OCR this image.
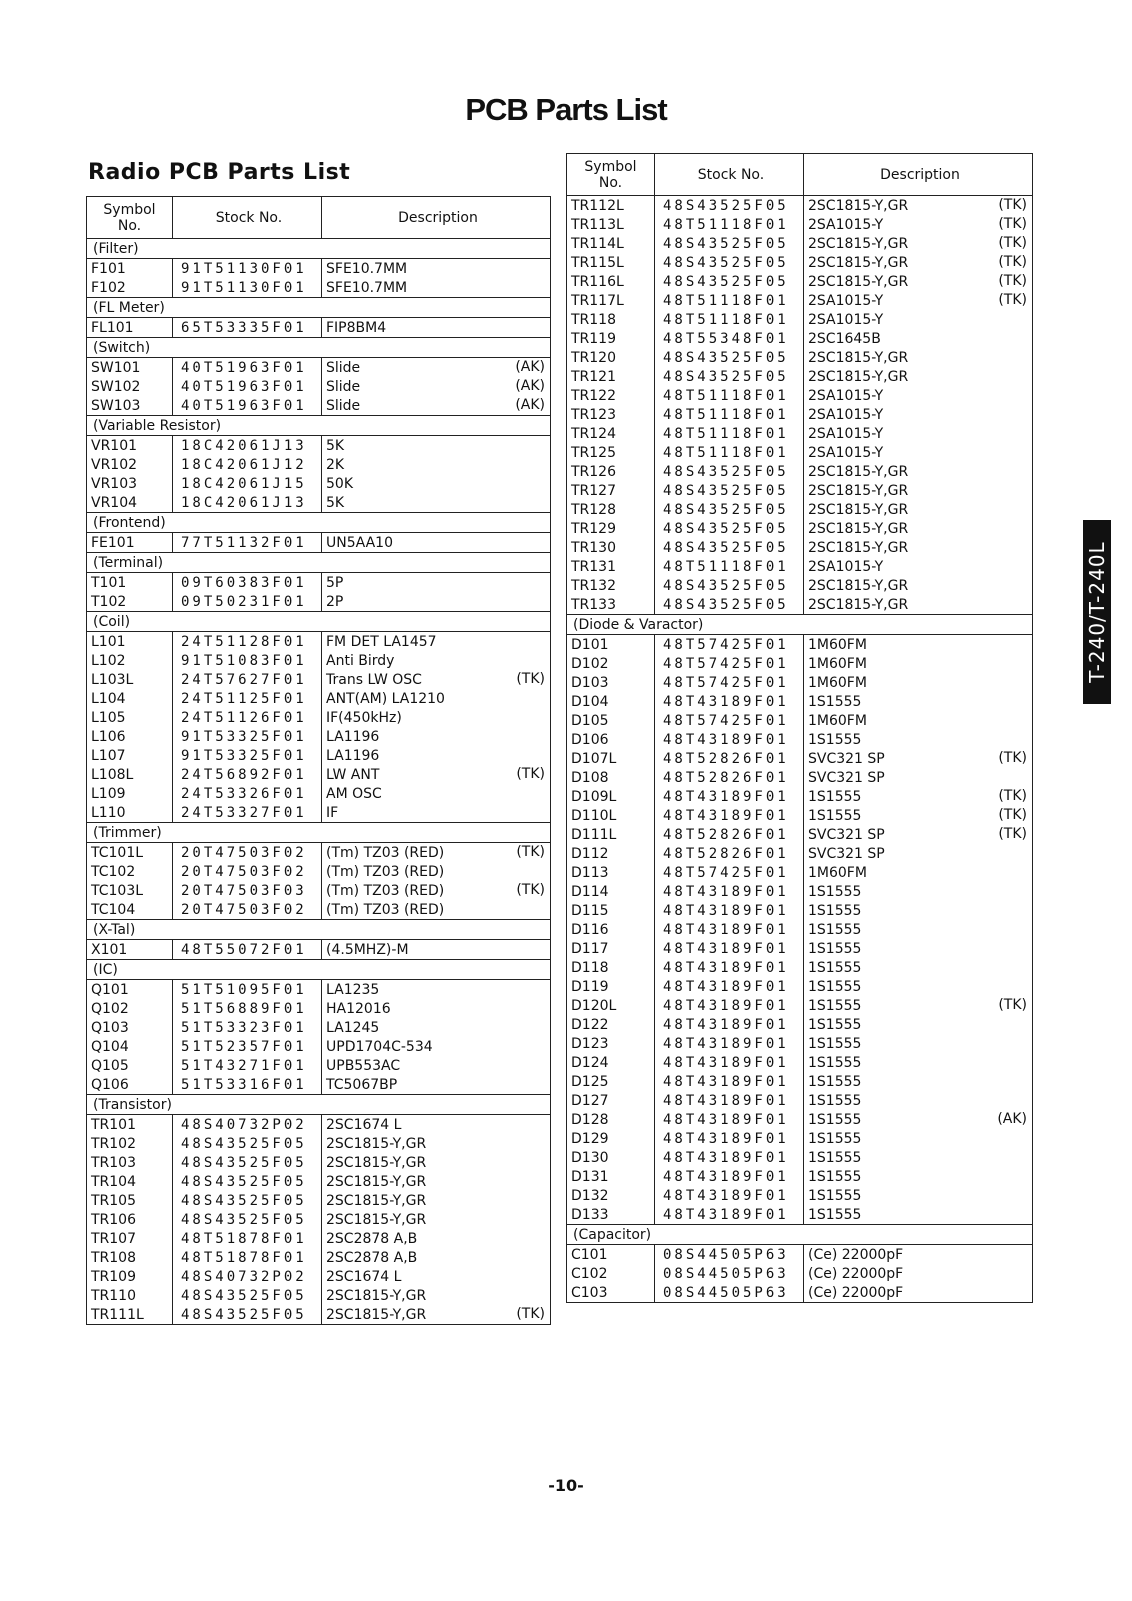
PCB Parts List
Radio PCB Parts List
Symbol No.	Stock No.	Description
(Filter)		
F101	91T51130F01	SFE10.7MM
F102	91T51130F01	SFE10.7MM
(FL Meter)		
FL101	65T53335F01	FIP8BM4
(Switch)		
SW101	40T51963F01	Slide (AK)

SW102	40T51963F01	Slide (AK)

SW103	40T51963F01	Slide (AK)

(Variable Resistor)		
VR101	18C42061J13	5K
VR102	18C42061J12	2K
VR103	18C42061J15	50K
VR104	18C42061J13	5K
(Frontend)		
FE101	77T51132F01	UN5AA10
(Terminal)		
T101	09T60383F01	5P
T102	09T50231F01	2P
(Coil)		
L101	24T51128F01	FM DET LA1457
L102	91T51083F01	Anti Birdy
L103L	24T57627F01	Trans LW OSC (TK)

L104	24T51125F01	ANT(AM) LA1210
L105	24T51126F01	IF(450kHz)
L106	91T53325F01	LA1196
L107	91T53325F01	LA1196
L108L	24T56892F01	LW ANT (TK)

L109	24T53326F01	AM OSC
L110	24T53327F01	IF
(Trimmer)		
TC101L	20T47503F02	(Tm) TZ03 (RED) (TK)

TC102	20T47503F02	(Tm) TZ03 (RED)
TC103L	20T47503F03	(Tm) TZ03 (RED) (TK)

TC104	20T47503F02	(Tm) TZ03 (RED)
(X-Tal)		
X101	48T55072F01	(4.5MHZ)-M
(IC)		
Q101	51T51095F01	LA1235
Q102	51T56889F01	HA12016
Q103	51T53323F01	LA1245
Q104	51T52357F01	UPD1704C-534
Q105	51T43271F01	UPB553AC
Q106	51T53316F01	TC5067BP
(Transistor)		
TR101	48S40732P02	2SC1674 L
TR102	48S43525F05	2SC1815-Y,GR
TR103	48S43525F05	2SC1815-Y,GR
TR104	48S43525F05	2SC1815-Y,GR
TR105	48S43525F05	2SC1815-Y,GR
TR106	48S43525F05	2SC1815-Y,GR
TR107	48T51878F01	2SC2878 A,B
TR108	48T51878F01	2SC2878 A,B
TR109	48S40732P02	2SC1674 L
TR110	48S43525F05	2SC1815-Y,GR
TR111L	48S43525F05	2SC1815-Y,GR (TK)
Symbol No.	Stock No.	Description
TR112L	48S43525F05	2SC1815-Y,GR (TK)

TR113L	48T51118F01	2SA1015-Y (TK)

TR114L	48S43525F05	2SC1815-Y,GR (TK)

TR115L	48S43525F05	2SC1815-Y,GR (TK)

TR116L	48S43525F05	2SC1815-Y,GR (TK)

TR117L	48T51118F01	2SA1015-Y (TK)

TR118	48T51118F01	2SA1015-Y
TR119	48T55348F01	2SC1645B
TR120	48S43525F05	2SC1815-Y,GR
TR121	48S43525F05	2SC1815-Y,GR
TR122	48T51118F01	2SA1015-Y
TR123	48T51118F01	2SA1015-Y
TR124	48T51118F01	2SA1015-Y
TR125	48T51118F01	2SA1015-Y
TR126	48S43525F05	2SC1815-Y,GR
TR127	48S43525F05	2SC1815-Y,GR
TR128	48S43525F05	2SC1815-Y,GR
TR129	48S43525F05	2SC1815-Y,GR
TR130	48S43525F05	2SC1815-Y,GR
TR131	48T51118F01	2SA1015-Y
TR132	48S43525F05	2SC1815-Y,GR
TR133	48S43525F05	2SC1815-Y,GR
(Diode & Varactor)		
D101	48T57425F01	1M60FM
D102	48T57425F01	1M60FM
D103	48T57425F01	1M60FM
D104	48T43189F01	1S1555
D105	48T57425F01	1M60FM
D106	48T43189F01	1S1555
D107L	48T52826F01	SVC321 SP (TK)

D108	48T52826F01	SVC321 SP
D109L	48T43189F01	1S1555 (TK)

D110L	48T43189F01	1S1555 (TK)

D111L	48T52826F01	SVC321 SP (TK)

D112	48T52826F01	SVC321 SP
D113	48T57425F01	1M60FM
D114	48T43189F01	1S1555
D115	48T43189F01	1S1555
D116	48T43189F01	1S1555
D117	48T43189F01	1S1555
D118	48T43189F01	1S1555
D119	48T43189F01	1S1555
D120L	48T43189F01	1S1555 (TK)

D122	48T43189F01	1S1555
D123	48T43189F01	1S1555
D124	48T43189F01	1S1555
D125	48T43189F01	1S1555
D127	48T43189F01	1S1555
D128	48T43189F01	1S1555 (AK)

D129	48T43189F01	1S1555
D130	48T43189F01	1S1555
D131	48T43189F01	1S1555
D132	48T43189F01	1S1555
D133	48T43189F01	1S1555
(Capacitor)		
C101	08S44505P63	(Ce) 22000pF
C102	08S44505P63	(Ce) 22000pF
C103	08S44505P63	(Ce) 22000pF
T-240/T-240L
-10-
